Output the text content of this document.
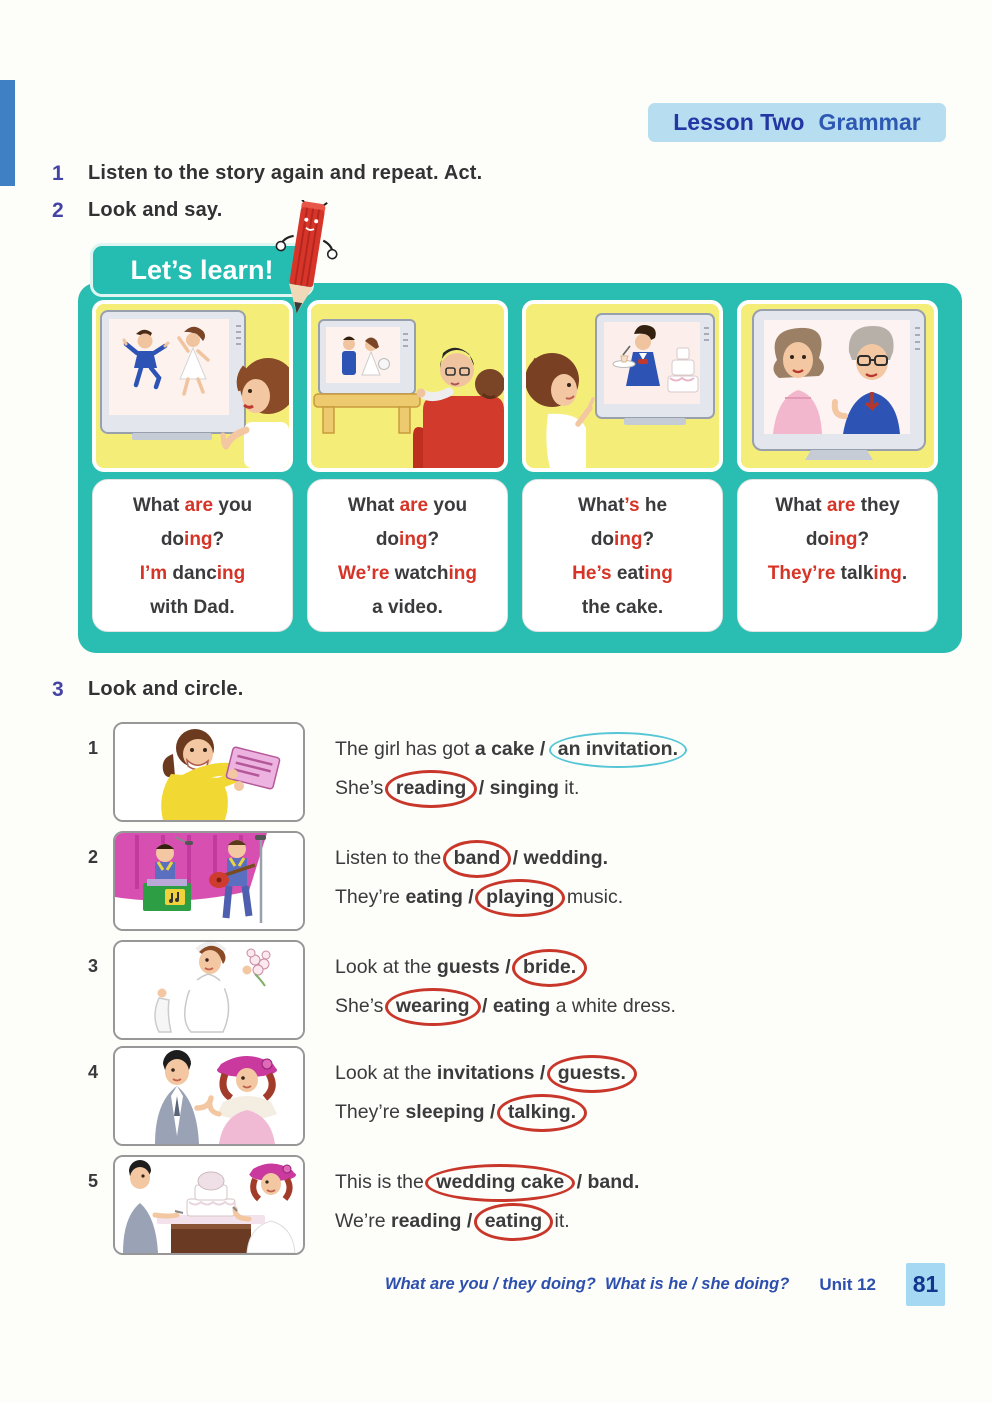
Lesson Two Grammar
1	Listen to the story again and repeat. Act.
2	Look and say.
Let’s learn!
What are you
doing?
I’m dancing
with Dad.
What are you
doing?
We’re watching
a video.
What’s he
doing?
He’s eating
the cake.
What are they
doing?
They’re talking.
3	Look and circle.
1	The girl has got a cake / an invitation.
She’s reading / singing it.
2	Listen to the band / wedding.
They’re eating / playing music.
3	Look at the guests / bride.
She’s wearing / eating a white dress.
4	Look at the invitations / guests.
They’re sleeping / talking.
5	This is the wedding cake / band.
We’re reading / eating it.
What are you / they doing?  What is he / she doing? Unit 12 81
